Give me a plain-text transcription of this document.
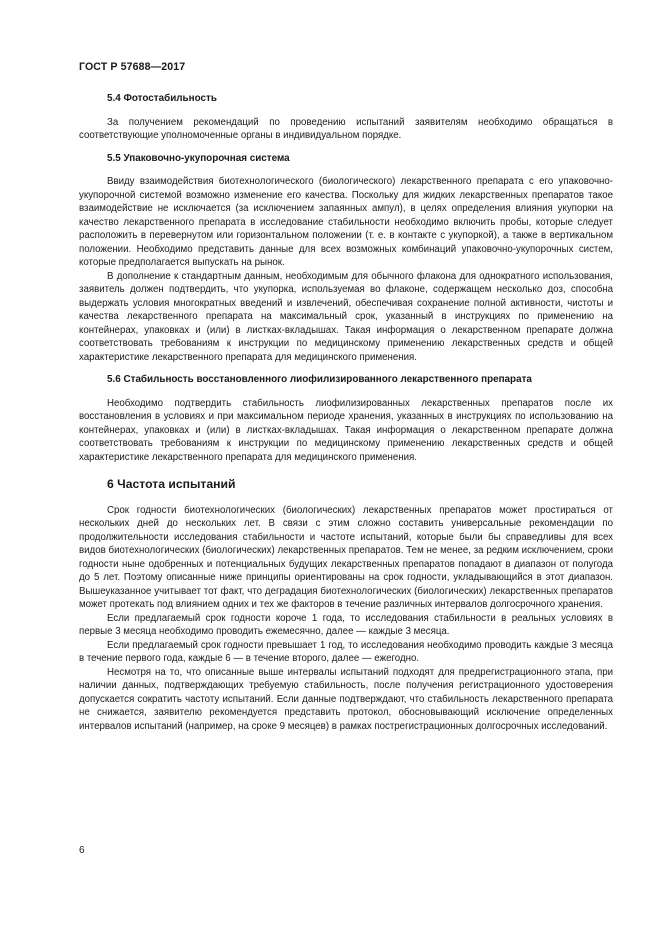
ГОСТ Р 57688—2017
5.4 Фотостабильность

За получением рекомендаций по проведению испытаний заявителям необходимо обращаться в соответствующие уполномоченные органы в индивидуальном порядке.

5.5 Упаковочно-укупорочная система

Ввиду взаимодействия биотехнологического (биологического) лекарственного препарата с его упаковочно-укупорочной системой возможно изменение его качества. Поскольку для жидких лекарственных препаратов такое взаимодействие не исключается (за исключением запаянных ампул), в целях определения влияния укупорки на качество лекарственного препарата в исследование стабильности необходимо включить пробы, которые следует расположить в перевернутом или горизонтальном положении (т. е. в контакте с укупоркой), а также в вертикальном положении. Необходимо представить данные для всех возможных комбинаций упаковочно-укупорочных систем, которые предполагается выпускать на рынок.

В дополнение к стандартным данным, необходимым для обычного флакона для однократного использования, заявитель должен подтвердить, что укупорка, используемая во флаконе, содержащем несколько доз, способна выдержать условия многократных введений и извлечений, обеспечивая сохранение полной активности, чистоты и качества лекарственного препарата на максимальный срок, указанный в инструкциях по применению на контейнерах, упаковках и (или) в листках-вкладышах. Такая информация о лекарственном препарате должна соответствовать требованиям к инструкции по медицинскому применению лекарственных средств и общей характеристике лекарственного препарата для медицинского применения.

5.6 Стабильность восстановленного лиофилизированного лекарственного препарата

Необходимо подтвердить стабильность лиофилизированных лекарственных препаратов после их восстановления в условиях и при максимальном периоде хранения, указанных в инструкциях по использованию на контейнерах, упаковках и (или) в листках-вкладышах. Такая информация о лекарственном препарате должна соответствовать требованиям к инструкции по медицинскому применению лекарственных средств и общей характеристике лекарственного препарата для медицинского применения.

6 Частота испытаний

Срок годности биотехнологических (биологических) лекарственных препаратов может простираться от нескольких дней до нескольких лет. В связи с этим сложно составить универсальные рекомендации по продолжительности исследования стабильности и частоте испытаний, которые были бы справедливы для всех видов биотехнологических (биологических) лекарственных препаратов. Тем не менее, за редким исключением, сроки годности ныне одобренных и потенциальных будущих лекарственных препаратов попадают в диапазон от полугода до 5 лет. Поэтому описанные ниже принципы ориентированы на срок годности, укладывающийся в этот диапазон. Вышеуказанное учитывает тот факт, что деградация биотехнологических (биологических) лекарственных препаратов может протекать под влиянием одних и тех же факторов в течение различных интервалов долгосрочного хранения.

Если предлагаемый срок годности короче 1 года, то исследования стабильности в реальных условиях в первые 3 месяца необходимо проводить ежемесячно, далее — каждые 3 месяца.

Если предлагаемый срок годности превышает 1 год, то исследования необходимо проводить каждые 3 месяца в течение первого года, каждые 6 — в течение второго, далее — ежегодно.

Несмотря на то, что описанные выше интервалы испытаний подходят для предрегистрационного этапа, при наличии данных, подтверждающих требуемую стабильность, после получения регистрационного удостоверения допускается сократить частоту испытаний. Если данные подтверждают, что стабильность лекарственного препарата не снижается, заявителю рекомендуется представить протокол, обосновывающий исключение определенных интервалов испытаний (например, на сроке 9 месяцев) в рамках пострегистрационных долгосрочных исследований.

6
